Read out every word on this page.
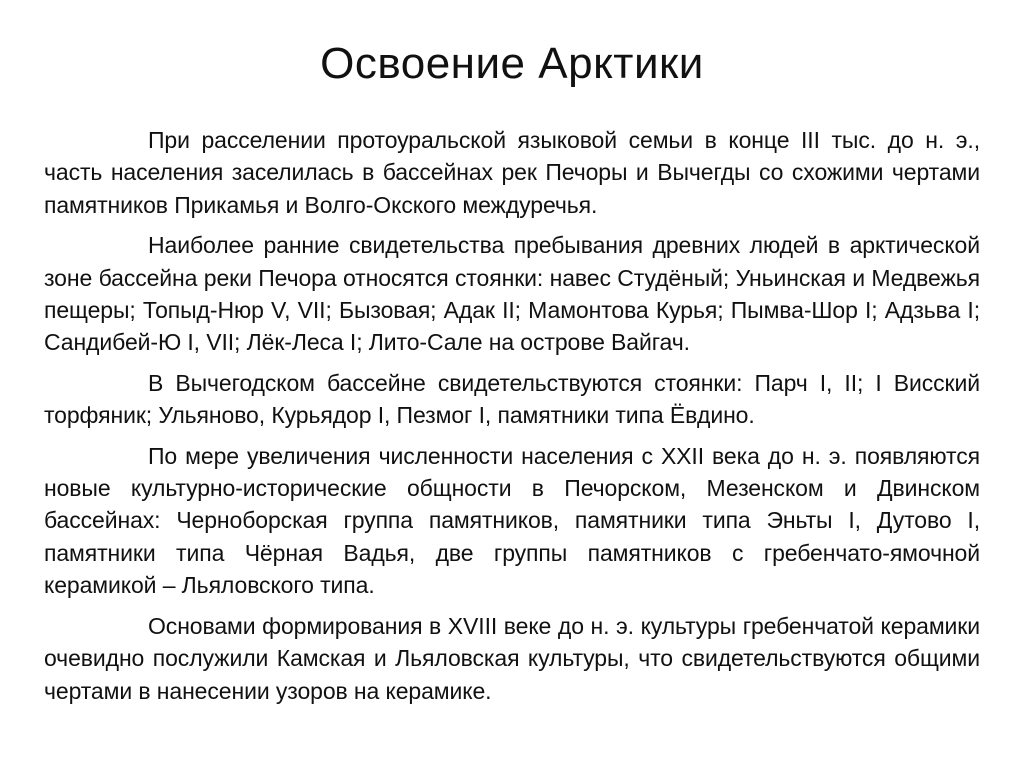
Освоение Арктики

При расселении протоуральской языковой семьи в конце III тыс. до н. э., часть населения заселилась в бассейнах рек Печоры и Вычегды со схожими чертами памятников Прикамья и Волго-Окского междуречья.

Наиболее ранние свидетельства пребывания древних людей в арктической зоне бассейна реки Печора относятся стоянки: навес Студёный; Уньинская и Медвежья пещеры; Топыд-Нюр V, VII; Бызовая; Адак II; Мамонтова Курья; Пымва-Шор I; Адзьва I; Сандибей-Ю I, VII; Лёк-Леса I; Лито-Сале на острове Вайгач.

В Вычегодском бассейне свидетельствуются стоянки: Парч I, II; I Висский торфяник; Ульяново, Курьядор I, Пезмог I, памятники типа Ёвдино.

По мере увеличения численности населения с XXII века до н. э. появляются новые культурно-исторические общности в Печорском, Мезенском и Двинском бассейнах: Черноборская группа памятников, памятники типа Эньты I, Дутово I, памятники типа Чёрная Вадья, две группы памятников с гребенчато-ямочной керамикой – Льяловского типа.

Основами формирования в XVIII веке до н. э. культуры гребенчатой керамики очевидно послужили Камская и Льяловская культуры, что свидетельствуются общими чертами в нанесении узоров на керамике.
